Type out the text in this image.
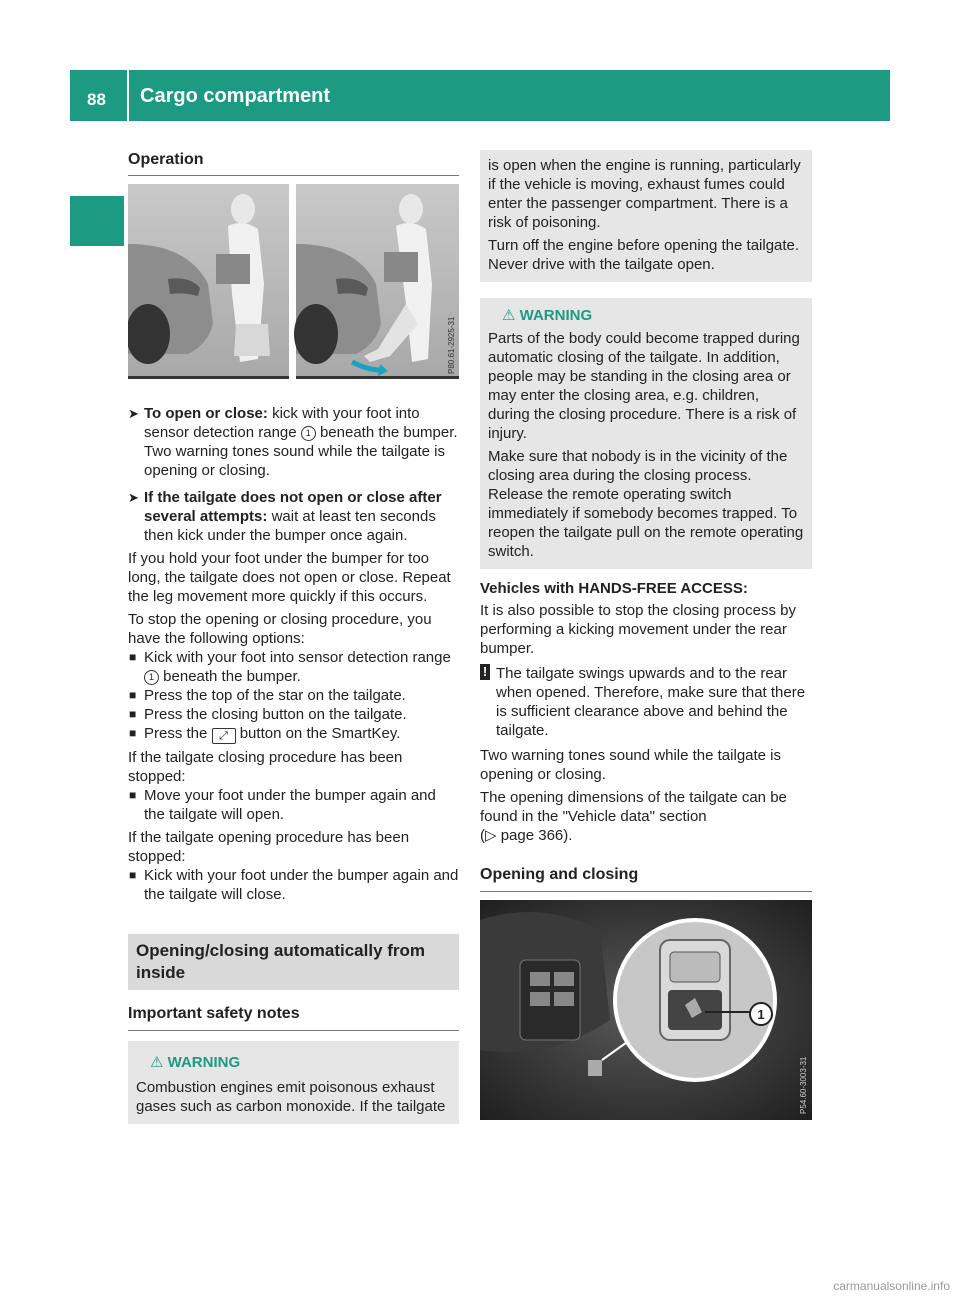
88 Cargo compartment
Operation
P80.61-2925-31
➤ To open or close: kick with your foot into sensor detection range 1 beneath the bumper.
Two warning tones sound while the tailgate is opening or closing.
➤ If the tailgate does not open or close after several attempts: wait at least ten seconds then kick under the bumper once again.

If you hold your foot under the bumper for too long, the tailgate does not open or close. Repeat the leg movement more quickly if this occurs.

To stop the opening or closing procedure, you have the following options:

■ Kick with your foot into sensor detection range 1 beneath the bumper.
■ Press the top of the star on the tailgate.
■ Press the closing button on the tailgate.
■ Press the ⤢ button on the SmartKey.

If the tailgate closing procedure has been stopped:

■ Move your foot under the bumper again and the tailgate will open.

If the tailgate opening procedure has been stopped:

■ Kick with your foot under the bumper again and the tailgate will close.
Opening/closing automatically from inside
Important safety notes
⚠ WARNING

Combustion engines emit poisonous exhaust gases such as carbon monoxide. If the tailgate

is open when the engine is running, particularly if the vehicle is moving, exhaust fumes could enter the passenger compartment. There is a risk of poisoning.

Turn off the engine before opening the tailgate. Never drive with the tailgate open.

⚠ WARNING

Parts of the body could become trapped during automatic closing of the tailgate. In addition, people may be standing in the closing area or may enter the closing area, e.g. children, during the closing procedure. There is a risk of injury.

Make sure that nobody is in the vicinity of the closing area during the closing process.

Release the remote operating switch immediately if somebody becomes trapped. To reopen the tailgate pull on the remote operating switch.

Vehicles with HANDS-FREE ACCESS:

It is also possible to stop the closing process by performing a kicking movement under the rear bumper.

! The tailgate swings upwards and to the rear when opened. Therefore, make sure that there is sufficient clearance above and behind the tailgate.

Two warning tones sound while the tailgate is opening or closing.

The opening dimensions of the tailgate can be found in the "Vehicle data" section
(▷ page 366).

Opening and closing
1
P54.60-3003-31
carmanualsonline.info
